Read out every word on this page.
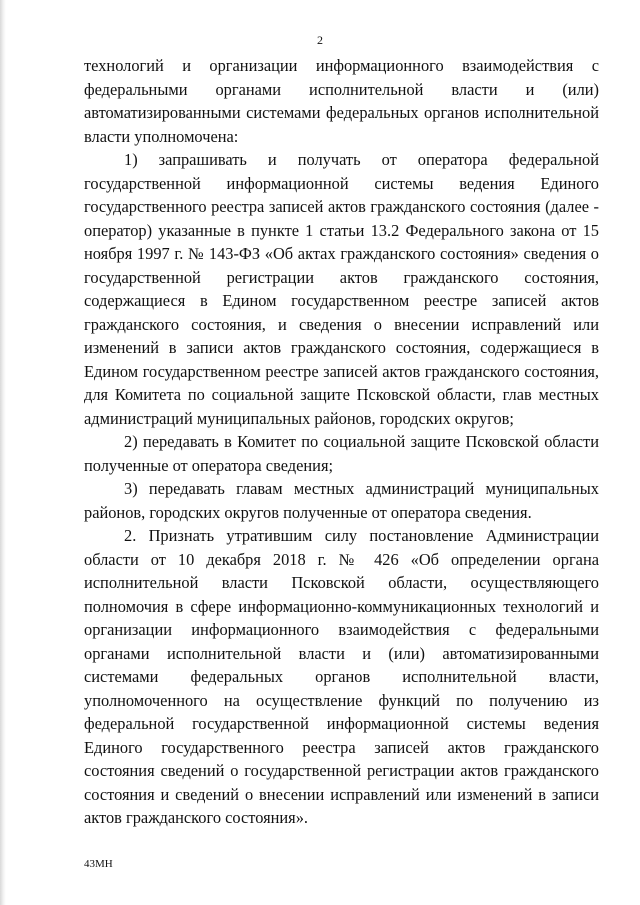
2

технологий и организации информационного взаимодействия с федеральными органами исполнительной власти и (или) автоматизированными системами федеральных органов исполнительной власти уполномочена:

1) запрашивать и получать от оператора федеральной государственной информационной системы ведения Единого государственного реестра записей актов гражданского состояния (далее - оператор) указанные в пункте 1 статьи 13.2 Федерального закона от 15 ноября 1997 г. № 143-ФЗ «Об актах гражданского состояния» сведения о государственной регистрации актов гражданского состояния, содержащиеся в Едином государственном реестре записей актов гражданского состояния, и сведения о внесении исправлений или изменений в записи актов гражданского состояния, содержащиеся в Едином государственном реестре записей актов гражданского состояния, для Комитета по социальной защите Псковской области, глав местных администраций муниципальных районов, городских округов;

2) передавать в Комитет по социальной защите Псковской области полученные от оператора сведения;

3) передавать главам местных администраций муниципальных районов, городских округов полученные от оператора сведения.

2. Признать утратившим силу постановление Администрации области от 10 декабря 2018 г. № 426 «Об определении органа исполнительной власти Псковской области, осуществляющего полномочия в сфере информационно-коммуникационных технологий и организации информационного взаимодействия с федеральными органами исполнительной власти и (или) автоматизированными системами федеральных органов исполнительной власти, уполномоченного на осуществление функций по получению из федеральной государственной информационной системы ведения Единого государственного реестра записей актов гражданского состояния сведений о государственной регистрации актов гражданского состояния и сведений о внесении исправлений или изменений в записи актов гражданского состояния».

43МН
